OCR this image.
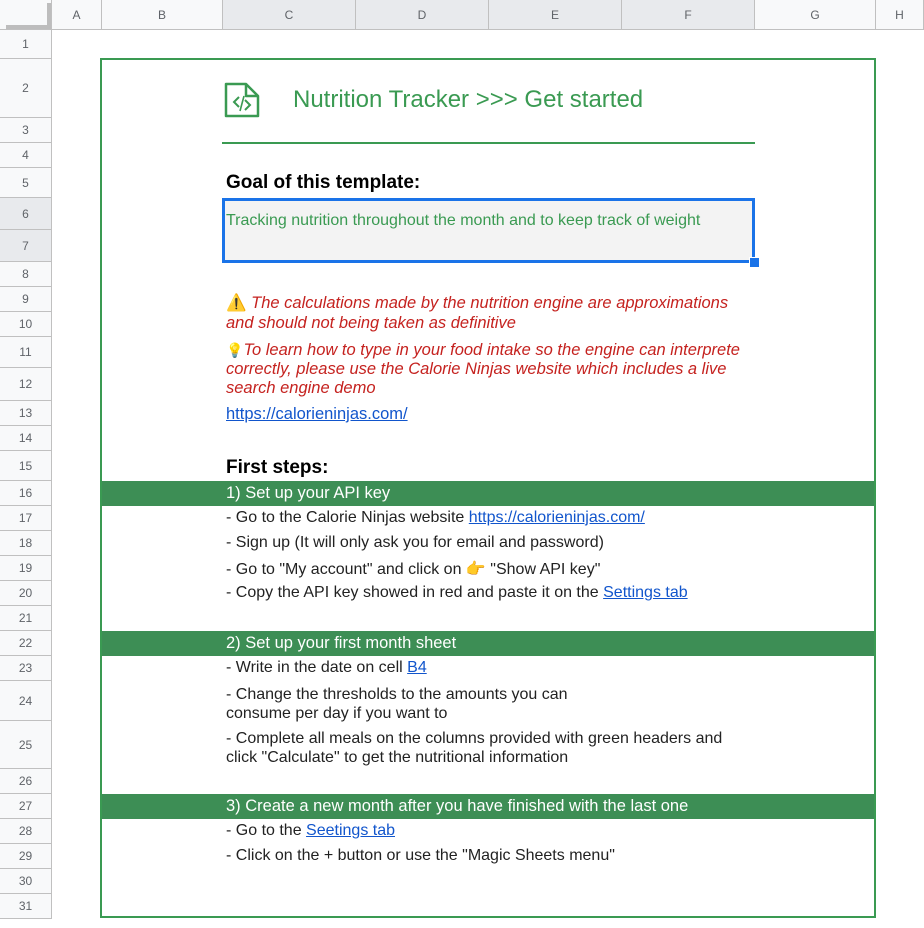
A	B	C	D	E	F	G	H
1
2
3
4
5
6
7
8
9
10
11
12
13
14
15
16
17
18
19
20
21
22
23
24
25
26
27
28
29
30
31
Nutrition Tracker >>> Get started
Goal of this template:
Tracking nutrition throughout the month and to keep track of weight
⚠️ The calculations made by the nutrition engine are approximations and should not being taken as definitive
💡To learn how to type in your food intake so the engine can interprete correctly, please use the Calorie Ninjas website which includes a live search engine demo
https://calorieninjas.com/
First steps:
1) Set up your API key
- Go to the Calorie Ninjas website https://calorieninjas.com/
- Sign up (It will only ask you for email and password)
- Go to "My account" and click on 👉 "Show API key"
- Copy the API key showed in red and paste it on the Settings tab
2) Set up your first month sheet
- Write in the date on cell B4
- Change the thresholds to the amounts you can consume per day if you want to
- Complete all meals on the columns provided with green headers and click "Calculate" to get the nutritional information
3) Create a new month after you have finished with the last one
- Go to the Seetings tab
- Click on the + button or use the "Magic Sheets menu"
